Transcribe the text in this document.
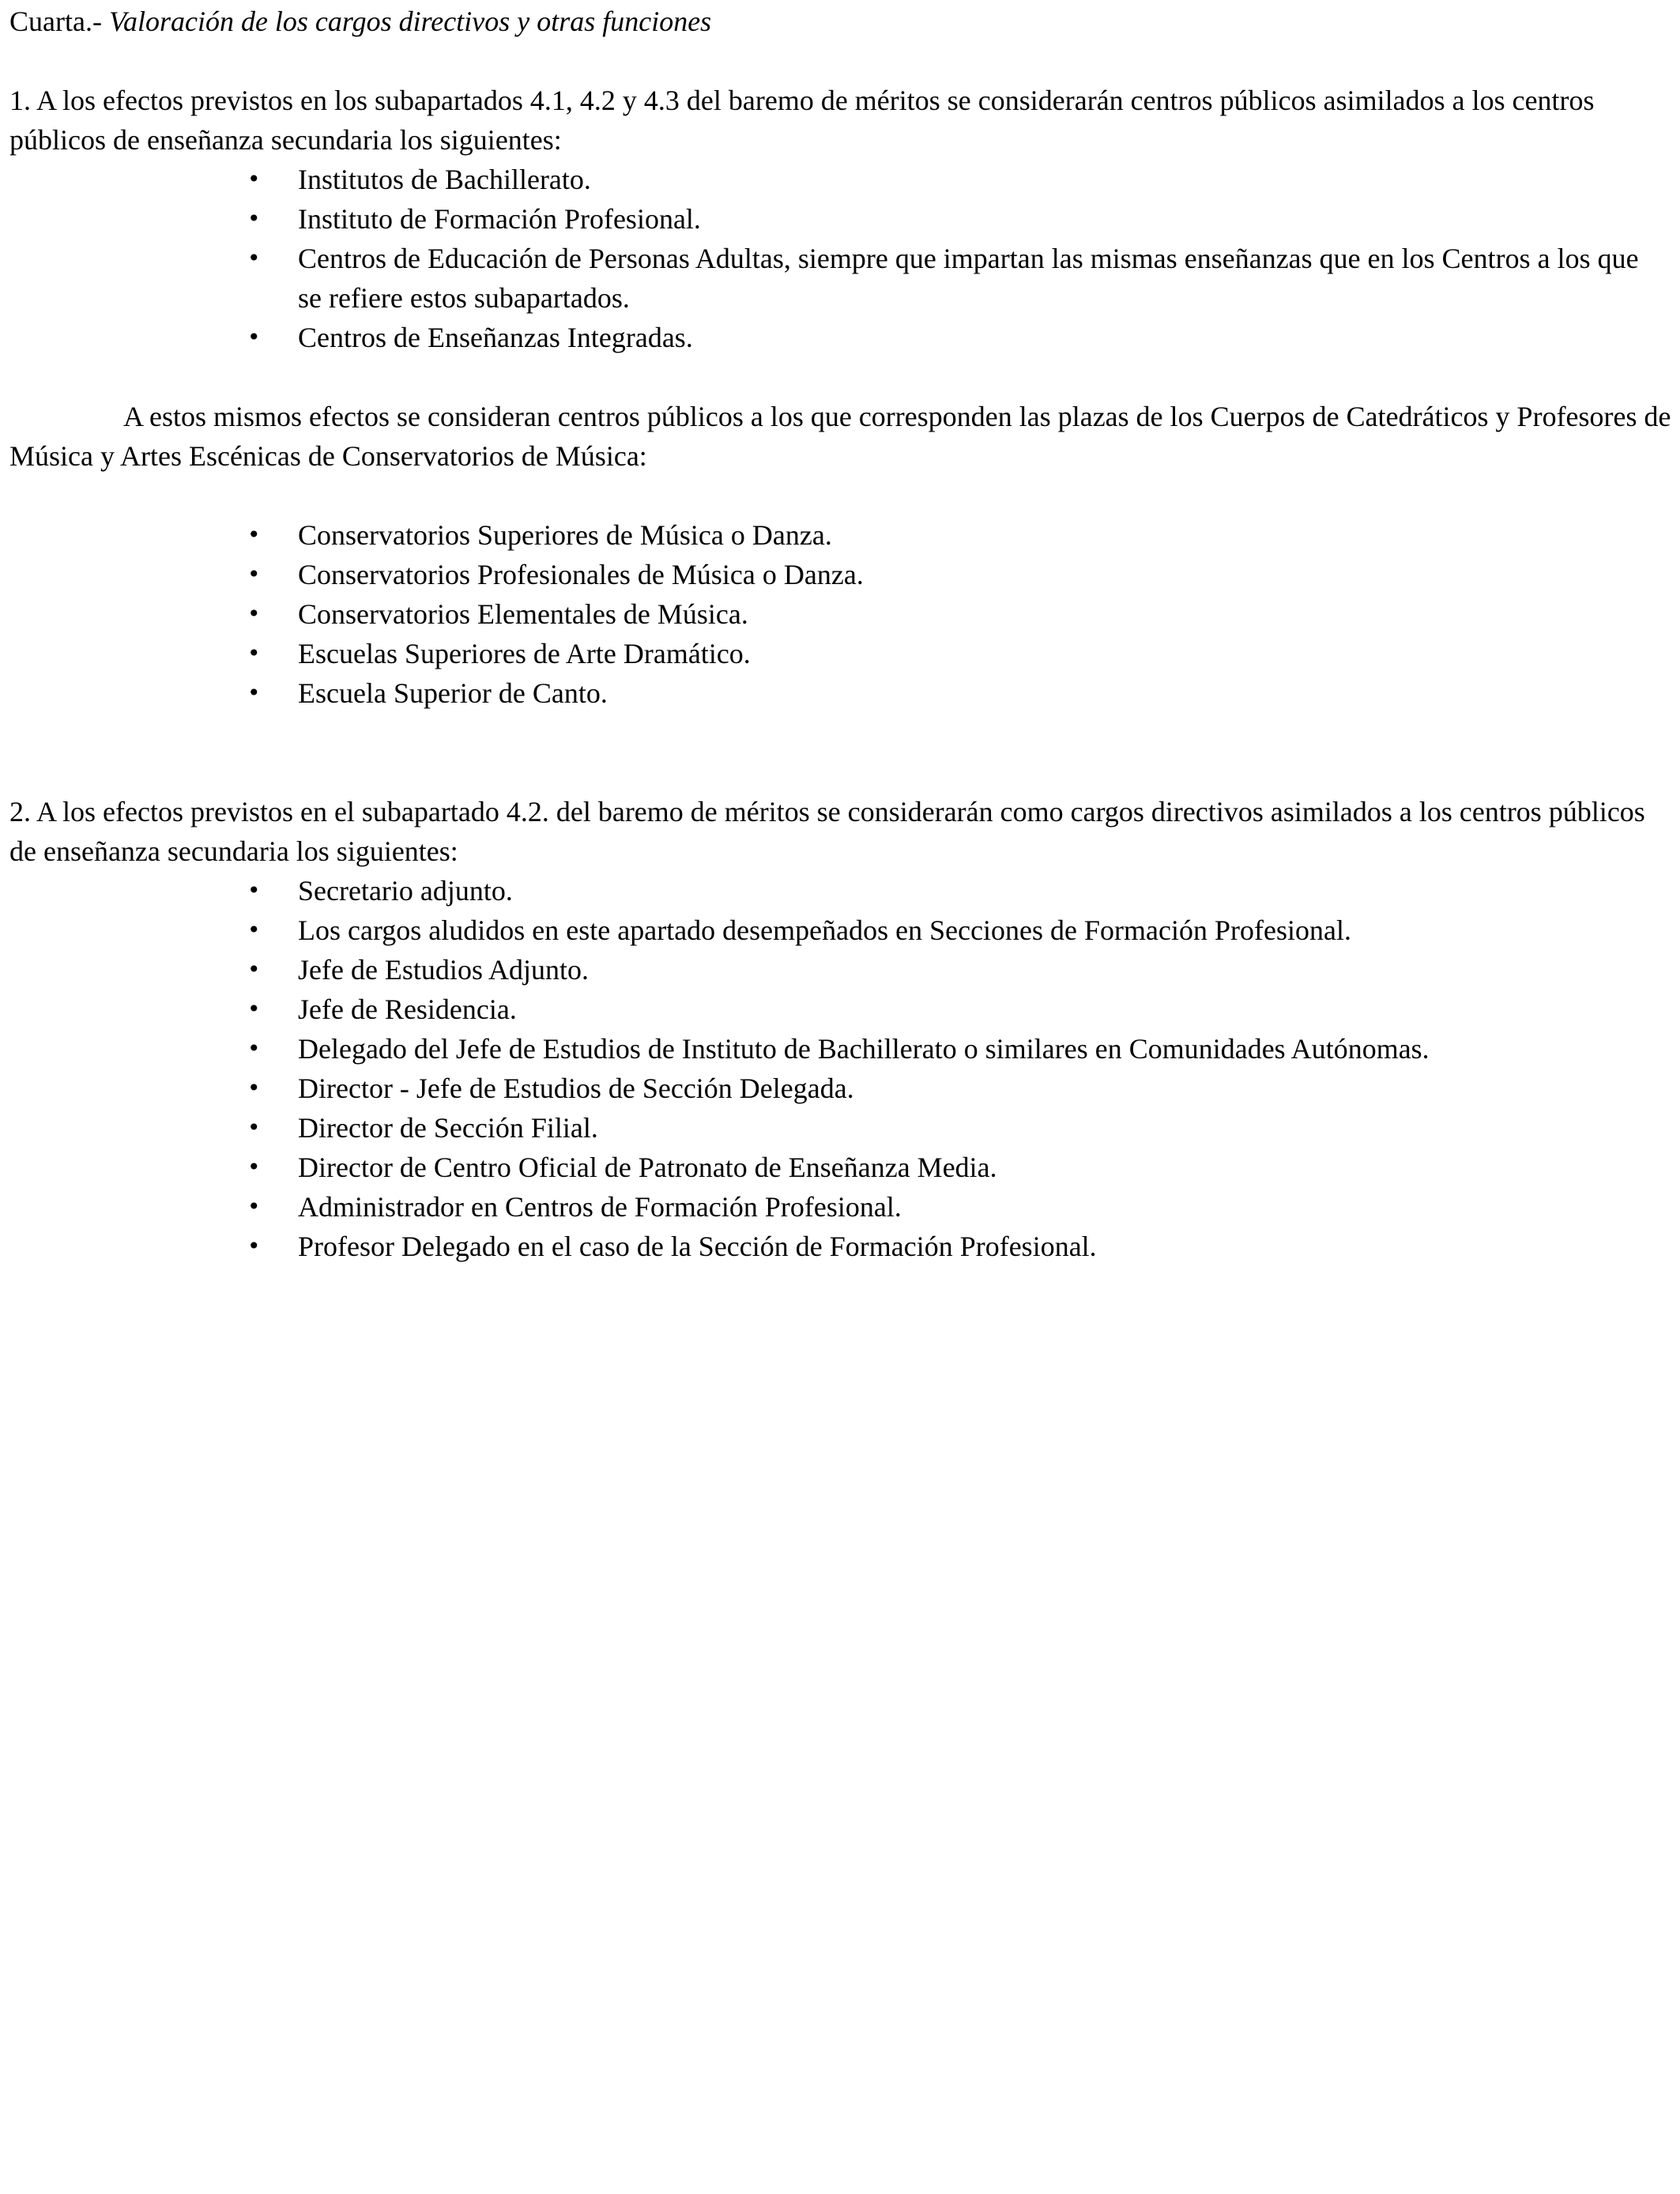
Cuarta.- Valoración de los cargos directivos y otras funciones

1. A los efectos previstos en los subapartados 4.1, 4.2 y 4.3 del baremo de méritos se considerarán centros públicos asimilados a los centros públicos de enseñanza secundaria los siguientes:

•	Institutos de Bachillerato.
•	Instituto de Formación Profesional.
•	Centros de Educación de Personas Adultas, siempre que impartan las mismas enseñanzas que en los Centros a los que se refiere estos subapartados.
•	Centros de Enseñanzas Integradas.

A estos mismos efectos se consideran centros públicos a los que corresponden las plazas de los Cuerpos de Catedráticos y Profesores de Música y Artes Escénicas de Conservatorios de Música:

•	Conservatorios Superiores de Música o Danza.
•	Conservatorios Profesionales de Música o Danza.
•	Conservatorios Elementales de Música.
•	Escuelas Superiores de Arte Dramático.
•	Escuela Superior de Canto.

2. A los efectos previstos en el subapartado 4.2. del baremo de méritos se considerarán como cargos directivos asimilados a los centros públicos de enseñanza secundaria los siguientes:

•	Secretario adjunto.
•	Los cargos aludidos en este apartado desempeñados en Secciones de Formación Profesional.
•	Jefe de Estudios Adjunto.
•	Jefe de Residencia.
•	Delegado del Jefe de Estudios de Instituto de Bachillerato o similares en Comunidades Autónomas.
•	Director - Jefe de Estudios de Sección Delegada.
•	Director de Sección Filial.
•	Director de Centro Oficial de Patronato de Enseñanza Media.
•	Administrador en Centros de Formación Profesional.
•	Profesor Delegado en el caso de la Sección de Formación Profesional.
